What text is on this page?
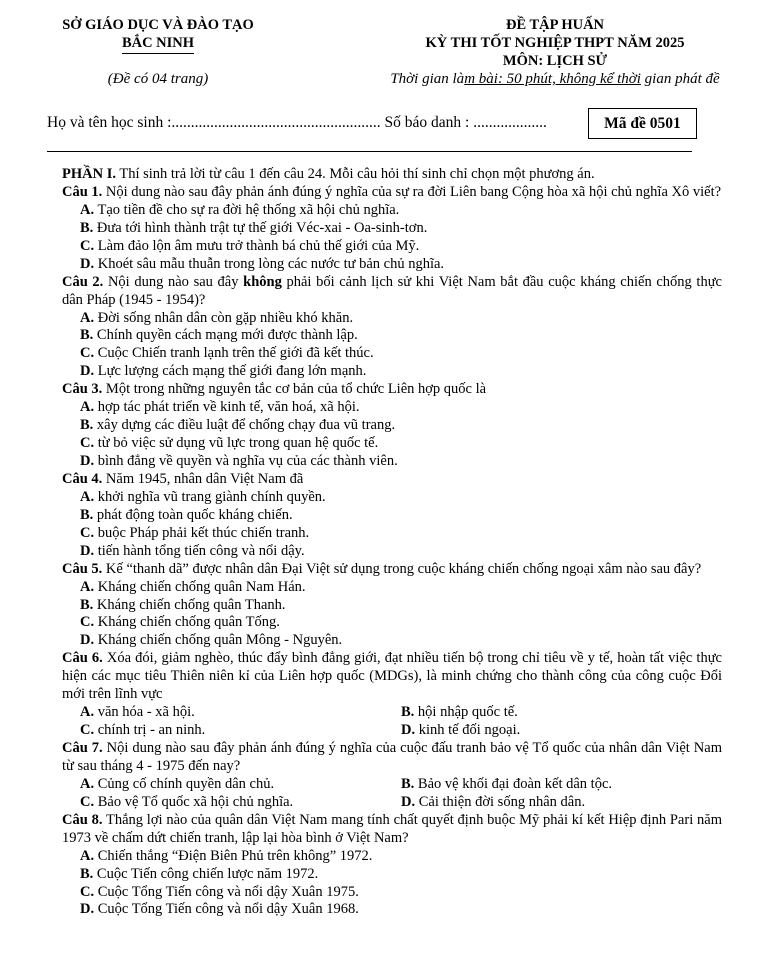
SỞ GIÁO DỤC VÀ ĐÀO TẠO
BẮC NINH
(Đề có 04 trang)
ĐỀ TẬP HUẤN
KỲ THI TỐT NGHIỆP THPT NĂM 2025
MÔN: LỊCH SỬ
Thời gian làm bài: 50 phút, không kể thời gian phát đề
Họ và tên học sinh :...................................................... Số báo danh : ...................	Mã đề 0501
PHẦN I. Thí sinh trả lời từ câu 1 đến câu 24. Mỗi câu hỏi thí sinh chỉ chọn một phương án.
Câu 1. Nội dung nào sau đây phản ánh đúng ý nghĩa của sự ra đời Liên bang Cộng hòa xã hội chủ nghĩa Xô viết?
A. Tạo tiền đề cho sự ra đời hệ thống xã hội chủ nghĩa.
B. Đưa tới hình thành trật tự thế giới Véc-xai - Oa-sinh-tơn.
C. Làm đảo lộn âm mưu trở thành bá chủ thế giới của Mỹ.
D. Khoét sâu mẫu thuẫn trong lòng các nước tư bản chủ nghĩa.
Câu 2. Nội dung nào sau đây không phải bối cảnh lịch sử khi Việt Nam bắt đầu cuộc kháng chiến chống thực dân Pháp (1945 - 1954)?
A. Đời sống nhân dân còn gặp nhiều khó khăn.
B. Chính quyền cách mạng mới được thành lập.
C. Cuộc Chiến tranh lạnh trên thế giới đã kết thúc.
D. Lực lượng cách mạng thế giới đang lớn mạnh.
Câu 3. Một trong những nguyên tắc cơ bản của tổ chức Liên hợp quốc là
A. hợp tác phát triển về kinh tế, văn hoá, xã hội.
B. xây dựng các điều luật để chống chạy đua vũ trang.
C. từ bỏ việc sử dụng vũ lực trong quan hệ quốc tế.
D. bình đẳng về quyền và nghĩa vụ của các thành viên.
Câu 4. Năm 1945, nhân dân Việt Nam đã
A. khởi nghĩa vũ trang giành chính quyền.
B. phát động toàn quốc kháng chiến.
C. buộc Pháp phải kết thúc chiến tranh.
D. tiến hành tổng tiến công và nổi dậy.
Câu 5. Kế “thanh dã” được nhân dân Đại Việt sử dụng trong cuộc kháng chiến chống ngoại xâm nào sau đây?
A. Kháng chiến chống quân Nam Hán.
B. Kháng chiến chống quân Thanh.
C. Kháng chiến chống quân Tống.
D. Kháng chiến chống quân Mông - Nguyên.
Câu 6. Xóa đói, giảm nghèo, thúc đẩy bình đẳng giới, đạt nhiều tiến bộ trong chỉ tiêu về y tế, hoàn tất việc thực hiện các mục tiêu Thiên niên kỉ của Liên hợp quốc (MDGs), là minh chứng cho thành công của công cuộc Đổi mới trên lĩnh vực
A. văn hóa - xã hội.	B. hội nhập quốc tế.
C. chính trị - an ninh.	D. kinh tế đối ngoại.
Câu 7. Nội dung nào sau đây phản ánh đúng ý nghĩa của cuộc đấu tranh bảo vệ Tổ quốc của nhân dân Việt Nam từ sau tháng 4 - 1975 đến nay?
A. Củng cố chính quyền dân chủ.	B. Bảo vệ khối đại đoàn kết dân tộc.
C. Bảo vệ Tổ quốc xã hội chủ nghĩa.	D. Cải thiện đời sống nhân dân.
Câu 8. Thắng lợi nào của quân dân Việt Nam mang tính chất quyết định buộc Mỹ phải kí kết Hiệp định Pari năm 1973 về chấm dứt chiến tranh, lập lại hòa bình ở Việt Nam?
A. Chiến thắng “Điện Biên Phủ trên không” 1972.
B. Cuộc Tiến công chiến lược năm 1972.
C. Cuộc Tổng Tiến công và nổi dậy Xuân 1975.
D. Cuộc Tổng Tiến công và nổi dậy Xuân 1968.
